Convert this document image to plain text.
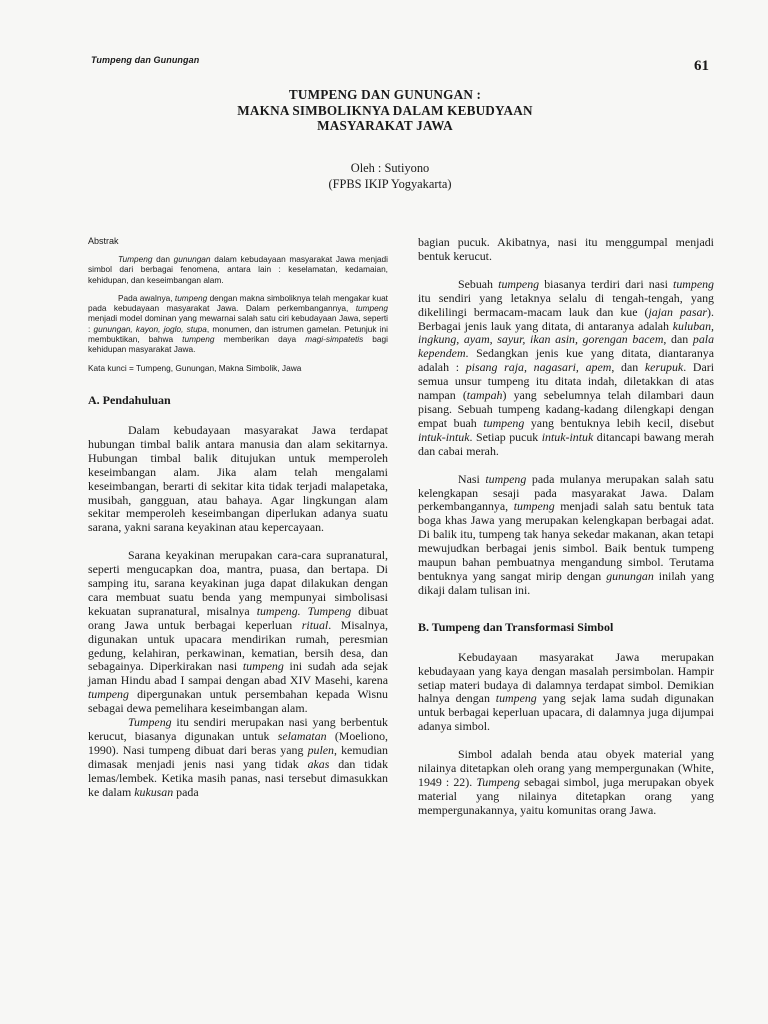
Tumpeng dan Gunungan	61
TUMPENG DAN GUNUNGAN :
MAKNA SIMBOLIKNYA DALAM KEBUDYAAN
MASYARAKAT JAWA
Oleh : Sutiyono
(FPBS IKIP Yogyakarta)
Abstrak

Tumpeng dan gunungan dalam kebudayaan masyarakat Jawa menjadi simbol dari berbagai fenomena, antara lain : keselamatan, kedamaian, kehidupan, dan keseimbangan alam.

Pada awalnya, tumpeng dengan makna simboliknya telah mengakar kuat pada kebudayaan masyarakat Jawa. Dalam perkembangannya, tumpeng menjadi model dominan yang mewarnai salah satu ciri kebudayaan Jawa, seperti : gunungan, kayon, joglo, stupa, monumen, dan istrumen gamelan. Petunjuk ini membuktikan, bahwa tumpeng memberikan daya magi-simpatetis bagi kehidupan masyarakat Jawa.

Kata kunci = Tumpeng, Gunungan, Makna Simbolik, Jawa

A. Pendahuluan

Dalam kebudayaan masyarakat Jawa terdapat hubungan timbal balik antara manusia dan alam sekitarnya. Hubungan timbal balik ditujukan untuk memperoleh keseimbangan alam. Jika alam telah mengalami keseimbangan, berarti di sekitar kita tidak terjadi malapetaka, musibah, gangguan, atau bahaya. Agar lingkungan alam sekitar memperoleh keseimbangan diperlukan adanya suatu sarana, yakni sarana keyakinan atau kepercayaan.

Sarana keyakinan merupakan cara-cara supranatural, seperti mengucapkan doa, mantra, puasa, dan bertapa. Di samping itu, sarana keyakinan juga dapat dilakukan dengan cara membuat suatu benda yang mempunyai simbolisasi kekuatan supranatural, misalnya tumpeng. Tumpeng dibuat orang Jawa untuk berbagai keperluan ritual. Misalnya, digunakan untuk upacara mendirikan rumah, peresmian gedung, kelahiran, perkawinan, kematian, bersih desa, dan sebagainya. Diperkirakan nasi tumpeng ini sudah ada sejak jaman Hindu abad I sampai dengan abad XIV Masehi, karena tumpeng dipergunakan untuk persembahan kepada Wisnu sebagai dewa pemelihara keseimbangan alam.

Tumpeng itu sendiri merupakan nasi yang berbentuk kerucut, biasanya digunakan untuk selamatan (Moeliono, 1990). Nasi tumpeng dibuat dari beras yang pulen, kemudian dimasak menjadi jenis nasi yang tidak akas dan tidak lemas/lembek. Ketika masih panas, nasi tersebut dimasukkan ke dalam kukusan pada

bagian pucuk. Akibatnya, nasi itu menggumpal menjadi bentuk kerucut.

Sebuah tumpeng biasanya terdiri dari nasi tumpeng itu sendiri yang letaknya selalu di tengah-tengah, yang dikelilingi bermacam-macam lauk dan kue (jajan pasar). Berbagai jenis lauk yang ditata, di antaranya adalah kuluban, ingkung, ayam, sayur, ikan asin, gorengan bacem, dan pala kependem. Sedangkan jenis kue yang ditata, diantaranya adalah : pisang raja, nagasari, apem, dan kerupuk. Dari semua unsur tumpeng itu ditata indah, diletakkan di atas nampan (tampah) yang sebelumnya telah dilambari daun pisang. Sebuah tumpeng kadang-kadang dilengkapi dengan empat buah tumpeng yang bentuknya lebih kecil, disebut intuk-intuk. Setiap pucuk intuk-intuk ditancapi bawang merah dan cabai merah.

Nasi tumpeng pada mulanya merupakan salah satu kelengkapan sesaji pada masyarakat Jawa. Dalam perkembangannya, tumpeng menjadi salah satu bentuk tata boga khas Jawa yang merupakan kelengkapan berbagai adat. Di balik itu, tumpeng tak hanya sekedar makanan, akan tetapi mewujudkan berbagai jenis simbol. Baik bentuk tumpeng maupun bahan pembuatnya mengandung simbol. Terutama bentuknya yang sangat mirip dengan gunungan inilah yang dikaji dalam tulisan ini.

B. Tumpeng dan Transformasi Simbol

Kebudayaan masyarakat Jawa merupakan kebudayaan yang kaya dengan masalah persimbolan. Hampir setiap materi budaya di dalamnya terdapat simbol. Demikian halnya dengan tumpeng yang sejak lama sudah digunakan untuk berbagai keperluan upacara, di dalamnya juga dijumpai adanya simbol.

Simbol adalah benda atau obyek material yang nilainya ditetapkan oleh orang yang mempergunakan (White, 1949 : 22). Tumpeng sebagai simbol, juga merupakan obyek material yang nilainya ditetapkan orang yang mempergunakannya, yaitu komunitas orang Jawa.
